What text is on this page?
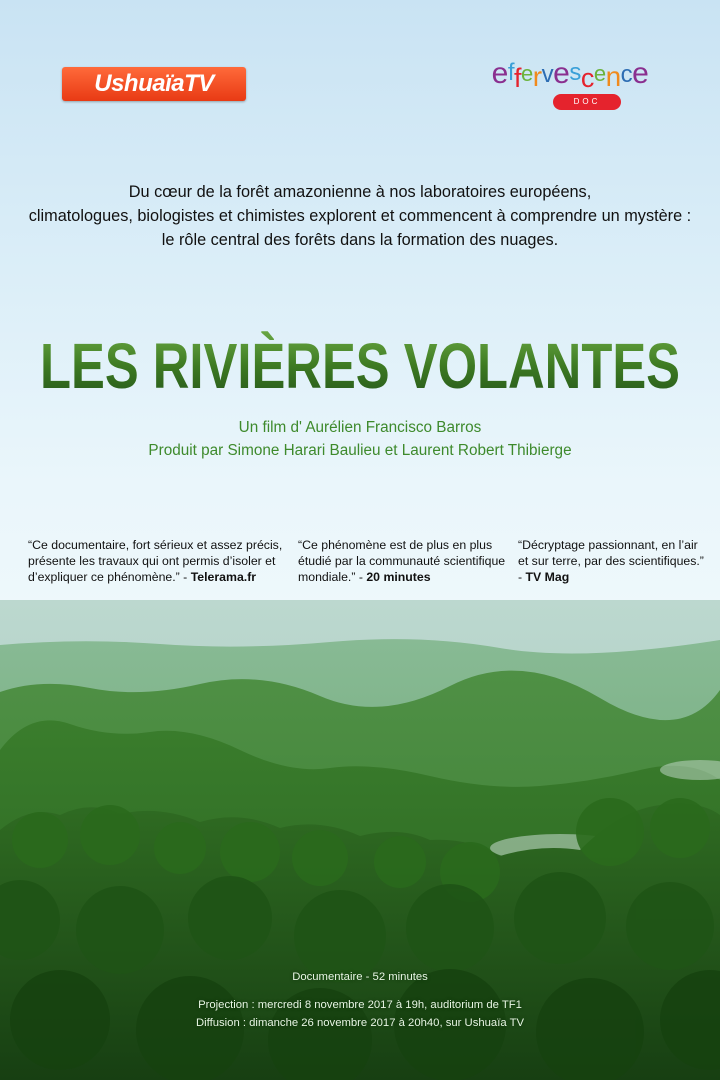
UshuaïaTV	effervescence
DOC
Du cœur de la forêt amazonienne à nos laboratoires européens,
climatologues, biologistes et chimistes explorent et commencent à comprendre un mystère :
le rôle central des forêts dans la formation des nuages.
LES RIVIÈRES VOLANTES
Un film d' Aurélien Francisco Barros
Produit par Simone Harari Baulieu et Laurent Robert Thibierge
“Ce documentaire, fort sérieux et assez précis, présente les travaux qui ont permis d’isoler et d’expliquer ce phénomène.” - Telerama.fr
“Ce phénomène est de plus en plus étudié par la communauté scientifique mondiale.” - 20 minutes
“Décryptage passionnant, en l’air et sur terre, par des scientifiques.” - TV Mag
Documentaire - 52 minutes
Projection : mercredi 8 novembre 2017 à 19h, auditorium de TF1
Diffusion : dimanche 26 novembre 2017 à 20h40, sur Ushuaïa TV
